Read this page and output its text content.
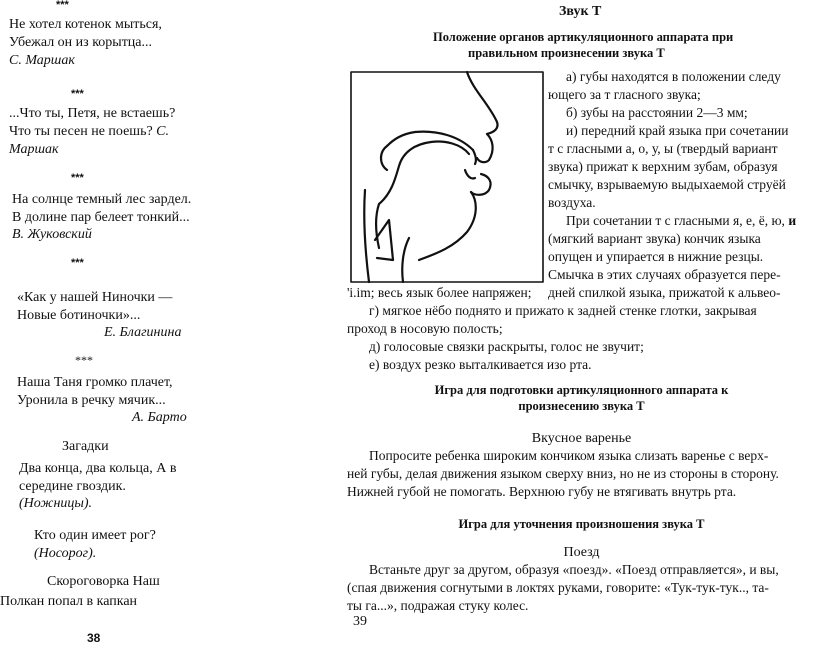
***
Не хотел котенок мыться,
Убежал он из корытца...
С. Маршак
***
...Что ты, Петя, не встаешь?
Что ты песен не поешь? С.
Маршак
***
На солнце темный лес зардел.
В долине пар белеет тонкий...
В. Жуковский
***
«Как у нашей Ниночки —
Новые ботиночки»...
Е. Благинина
***
Наша Таня громко плачет,
Уронила в речку мячик...
А. Барто
Загадки
Два конца, два кольца, А в
середине гвоздик.
(Ножницы).
Кто один имеет рог?
(Носорог).
Скороговорка Наш
Полкан попал в капкан
38
Звук Т
Положение органов артикуляционного аппарата при
правильном произнесении звука Т
а) губы находятся в положении следу
ющего за т гласного звука;
б) зубы на расстоянии 2—3 мм;
и) передний край языка при сочетании
т с гласными а, о, у, ы (твердый вариант
звука) прижат к верхним зубам, образуя
смычку, взрываемую выдыхаемой струёй
воздуха.
При сочетании т с гласными я, е, ё, ю, и
(мягкий вариант звука) кончик языка
опущен и упирается в нижние резцы.
Смычка в этих случаях образуется пере-
дней спилкой языка, прижатой к альвео-
'i.im; весь язык более напряжен;
г) мягкое нёбо поднято и прижато к задней стенке глотки, закрывая
проход в носовую полость;
д) голосовые связки раскрыты, голос не звучит;
е) воздух резко выталкивается изо рта.
Игра для подготовки артикуляционного аппарата к
произнесению звука Т
Вкусное варенье
Попросите ребенка широким кончиком языка слизать варенье с верх-
ней губы, делая движения языком сверху вниз, но не из стороны в сторону.
Нижней губой не помогать. Верхнюю губу не втягивать внутрь рта.
Игра для уточнения произношения звука Т
Поезд
Встаньте друг за другом, образуя «поезд». «Поезд отправляется», и вы,
(спая движения согнутыми в локтях руками, говорите: «Тук-тук-тук.., та-
ты га...», подражая стуку колес.
39
